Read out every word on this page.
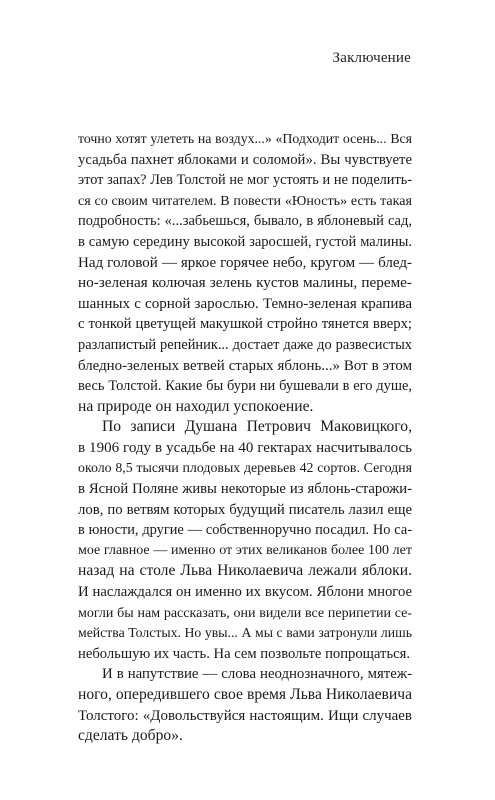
Заключение
точно хотят улететь на воздух...» «Подходит осень... Вся
усадьба пахнет яблоками и соломой». Вы чувствуете
этот запах? Лев Толстой не мог устоять и не поделить-
ся со своим читателем. В повести «Юность» есть такая
подробность: «...забьешься, бывало, в яблоневый сад,
в самую середину высокой заросшей, густой малины.
Над головой — яркое горячее небо, кругом — блед-
но-зеленая колючая зелень кустов малины, переме-
шанных с сорной зарослью. Темно-зеленая крапива
с тонкой цветущей макушкой стройно тянется вверх;
разлапистый репейник... достает даже до развесистых
бледно-зеленых ветвей старых яблонь...» Вот в этом
весь Толстой. Какие бы бури ни бушевали в его душе,
на природе он находил успокоение.
По записи Душана Петрович Маковицкого,
в 1906 году в усадьбе на 40 гектарах насчитывалось
около 8,5 тысячи плодовых деревьев 42 сортов. Сегодня
в Ясной Поляне живы некоторые из яблонь-старожи-
лов, по ветвям которых будущий писатель лазил еще
в юности, другие — собственноручно посадил. Но са-
мое главное — именно от этих великанов более 100 лет
назад на столе Льва Николаевича лежали яблоки.
И наслаждался он именно их вкусом. Яблони многое
могли бы нам рассказать, они видели все перипетии се-
мейства Толстых. Но увы... А мы с вами затронули лишь
небольшую их часть. На сем позвольте попрощаться.
И в напутствие — слова неоднозначного, мятеж-
ного, опередившего свое время Льва Николаевича
Толстого: «Довольствуйся настоящим. Ищи случаев
сделать добро».
